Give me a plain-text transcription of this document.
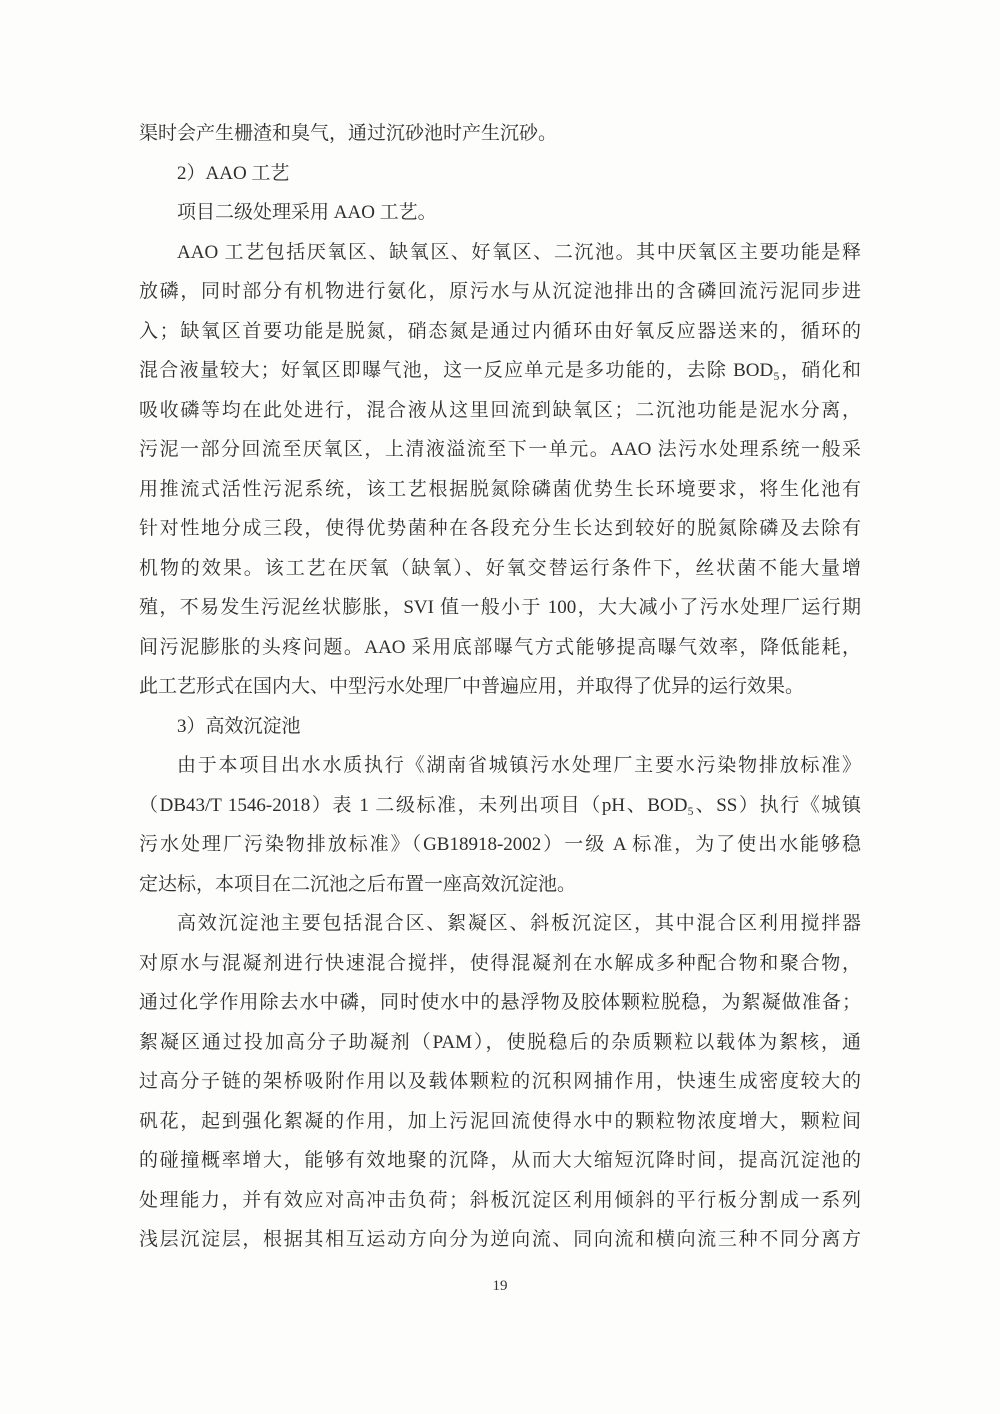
渠时会产生栅渣和臭气，通过沉砂池时产生沉砂。
2）AAO 工艺
项目二级处理采用 AAO 工艺。
AAO 工艺包括厌氧区、缺氧区、好氧区、二沉池。其中厌氧区主要功能是释
放磷，同时部分有机物进行氨化，原污水与从沉淀池排出的含磷回流污泥同步进
入；缺氧区首要功能是脱氮，硝态氮是通过内循环由好氧反应器送来的，循环的
混合液量较大；好氧区即曝气池，这一反应单元是多功能的，去除 BOD₅，硝化和
吸收磷等均在此处进行，混合液从这里回流到缺氧区；二沉池功能是泥水分离，
污泥一部分回流至厌氧区，上清液溢流至下一单元。AAO 法污水处理系统一般采
用推流式活性污泥系统，该工艺根据脱氮除磷菌优势生长环境要求，将生化池有
针对性地分成三段，使得优势菌种在各段充分生长达到较好的脱氮除磷及去除有
机物的效果。该工艺在厌氧（缺氧）、好氧交替运行条件下，丝状菌不能大量增
殖，不易发生污泥丝状膨胀，SVI 值一般小于 100，大大减小了污水处理厂运行期
间污泥膨胀的头疼问题。AAO 采用底部曝气方式能够提高曝气效率，降低能耗，
此工艺形式在国内大、中型污水处理厂中普遍应用，并取得了优异的运行效果。
3）高效沉淀池
由于本项目出水水质执行《湖南省城镇污水处理厂主要水污染物排放标准》
（DB43/T 1546-2018）表 1 二级标准，未列出项目（pH、BOD₅、SS）执行《城镇
污水处理厂污染物排放标准》（GB18918-2002）一级 A 标准，为了使出水能够稳
定达标，本项目在二沉池之后布置一座高效沉淀池。
高效沉淀池主要包括混合区、絮凝区、斜板沉淀区，其中混合区利用搅拌器
对原水与混凝剂进行快速混合搅拌，使得混凝剂在水解成多种配合物和聚合物，
通过化学作用除去水中磷，同时使水中的悬浮物及胶体颗粒脱稳，为絮凝做准备；
絮凝区通过投加高分子助凝剂（PAM），使脱稳后的杂质颗粒以载体为絮核，通
过高分子链的架桥吸附作用以及载体颗粒的沉积网捕作用，快速生成密度较大的
矾花，起到强化絮凝的作用，加上污泥回流使得水中的颗粒物浓度增大，颗粒间
的碰撞概率增大，能够有效地聚的沉降，从而大大缩短沉降时间，提高沉淀池的
处理能力，并有效应对高冲击负荷；斜板沉淀区利用倾斜的平行板分割成一系列
浅层沉淀层，根据其相互运动方向分为逆向流、同向流和横向流三种不同分离方
19
